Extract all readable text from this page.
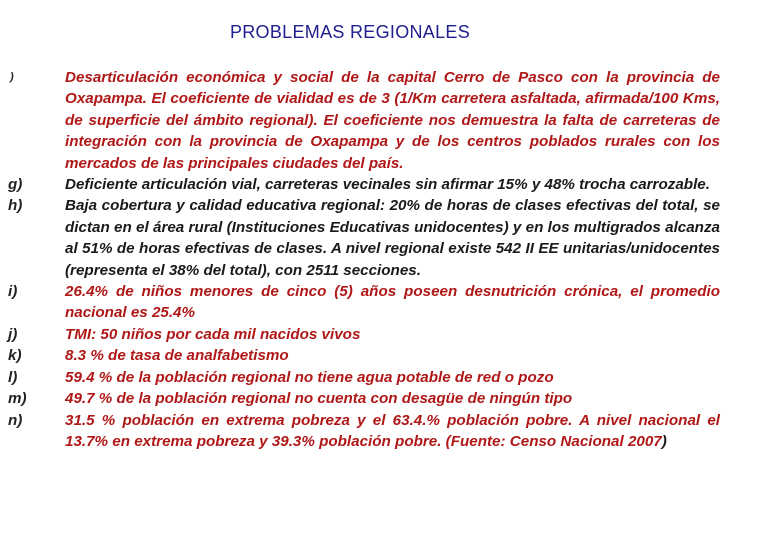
PROBLEMAS REGIONALES
)	Desarticulación económica y social de la capital Cerro de Pasco con la provincia de Oxapampa. El coeficiente de vialidad es de 3 (1/Km carretera asfaltada, afirmada/100 Kms, de superficie del ámbito regional). El coeficiente nos demuestra la falta de carreteras de integración con la provincia de Oxapampa y de los centros poblados rurales con los mercados de las principales ciudades del país.
g)	Deficiente articulación vial, carreteras vecinales sin afirmar 15% y 48% trocha carrozable.
h)	Baja cobertura y calidad educativa regional: 20% de horas de clases efectivas del total, se dictan en el área rural (Instituciones Educativas unidocentes) y en los multigrados alcanza al 51% de horas efectivas de clases. A nivel regional existe 542 II EE unitarias/unidocentes (representa el 38% del total), con 2511 secciones.
i)	26.4% de niños menores de cinco (5) años poseen desnutrición crónica, el promedio nacional es 25.4%
j)	TMI: 50 niños por cada mil nacidos vivos
k)	8.3 % de tasa de analfabetismo
l)	59.4 % de la población regional no tiene agua potable de red o pozo
m)	49.7 % de la población regional no cuenta con desagüe de ningún tipo
n)	31.5 % población en extrema pobreza y el 63.4.% población pobre. A nivel nacional el 13.7% en extrema pobreza y 39.3% población pobre. (Fuente: Censo Nacional 2007)
